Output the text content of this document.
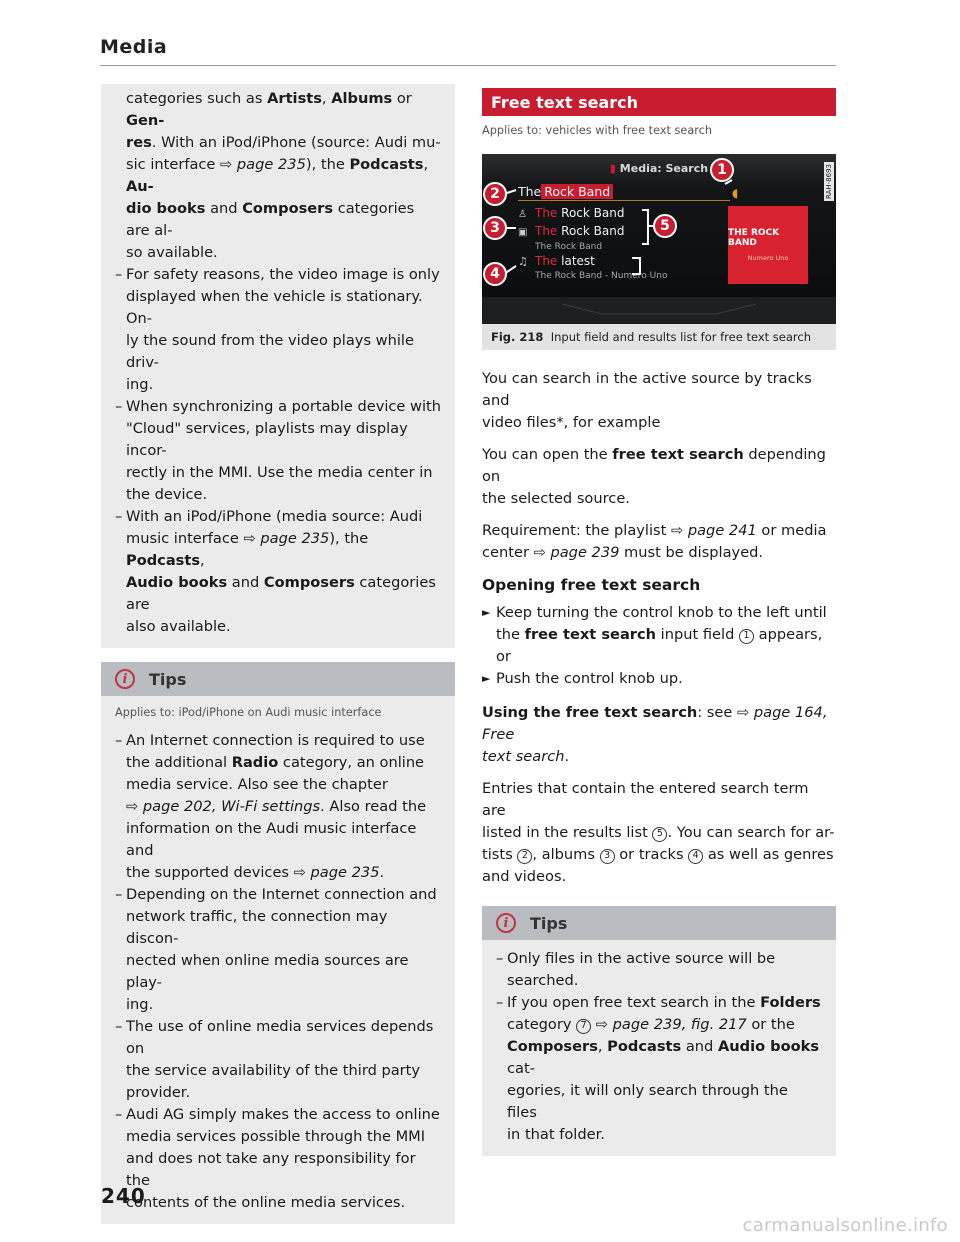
Media
categories such as Artists, Albums or Gen-
res. With an iPod/iPhone (source: Audi mu-
sic interface ⇨ page 235), the Podcasts, Au-
dio books and Composers categories are al-
so available.
– For safety reasons, the video image is only
displayed when the vehicle is stationary. On-
ly the sound from the video plays while driv-
ing.
– When synchronizing a portable device with
"Cloud" services, playlists may display incor-
rectly in the MMI. Use the media center in
the device.
– With an iPod/iPhone (media source: Audi
music interface ⇨ page 235), the Podcasts,
Audio books and Composers categories are
also available.
i	Tips
Applies to: iPod/iPhone on Audi music interface
– An Internet connection is required to use
the additional Radio category, an online
media service. Also see the chapter
⇨ page 202, Wi-Fi settings. Also read the
information on the Audi music interface and
the supported devices ⇨ page 235.
– Depending on the Internet connection and
network traffic, the connection may discon-
nected when online media sources are play-
ing.
– The use of online media services depends on
the service availability of the third party
provider.
– Audi AG simply makes the access to online
media services possible through the MMI
and does not take any responsibility for the
contents of the online media services.
Free text search
Applies to: vehicles with free text search
▮ Media: Search
The Rock Band	◖
♙ The Rock Band
▣ The Rock Band
The Rock Band
♫ The latest
The Rock Band - Numero Uno
THE ROCK BAND
Numero Uno
RAH-8693
1
2
3
4
5
Fig. 218 Input field and results list for free text search
You can search in the active source by tracks and
video files*, for example
You can open the free text search depending on
the selected source.
Requirement: the playlist ⇨ page 241 or media
center ⇨ page 239 must be displayed.
Opening free text search
► Keep turning the control knob to the left until
the free text search input field 1 appears, or
► Push the control knob up.
Using the free text search: see ⇨ page 164, Free
text search.
Entries that contain the entered search term are
listed in the results list 5 . You can search for ar-
tists 2 , albums 3 or tracks 4 as well as genres
and videos.
i	Tips
– Only files in the active source will be
searched.
– If you open free text search in the Folders
category 7 ⇨ page 239, fig. 217 or the
Composers, Podcasts and Audio books cat-
egories, it will only search through the files
in that folder.
240
carmanualsonline.info
